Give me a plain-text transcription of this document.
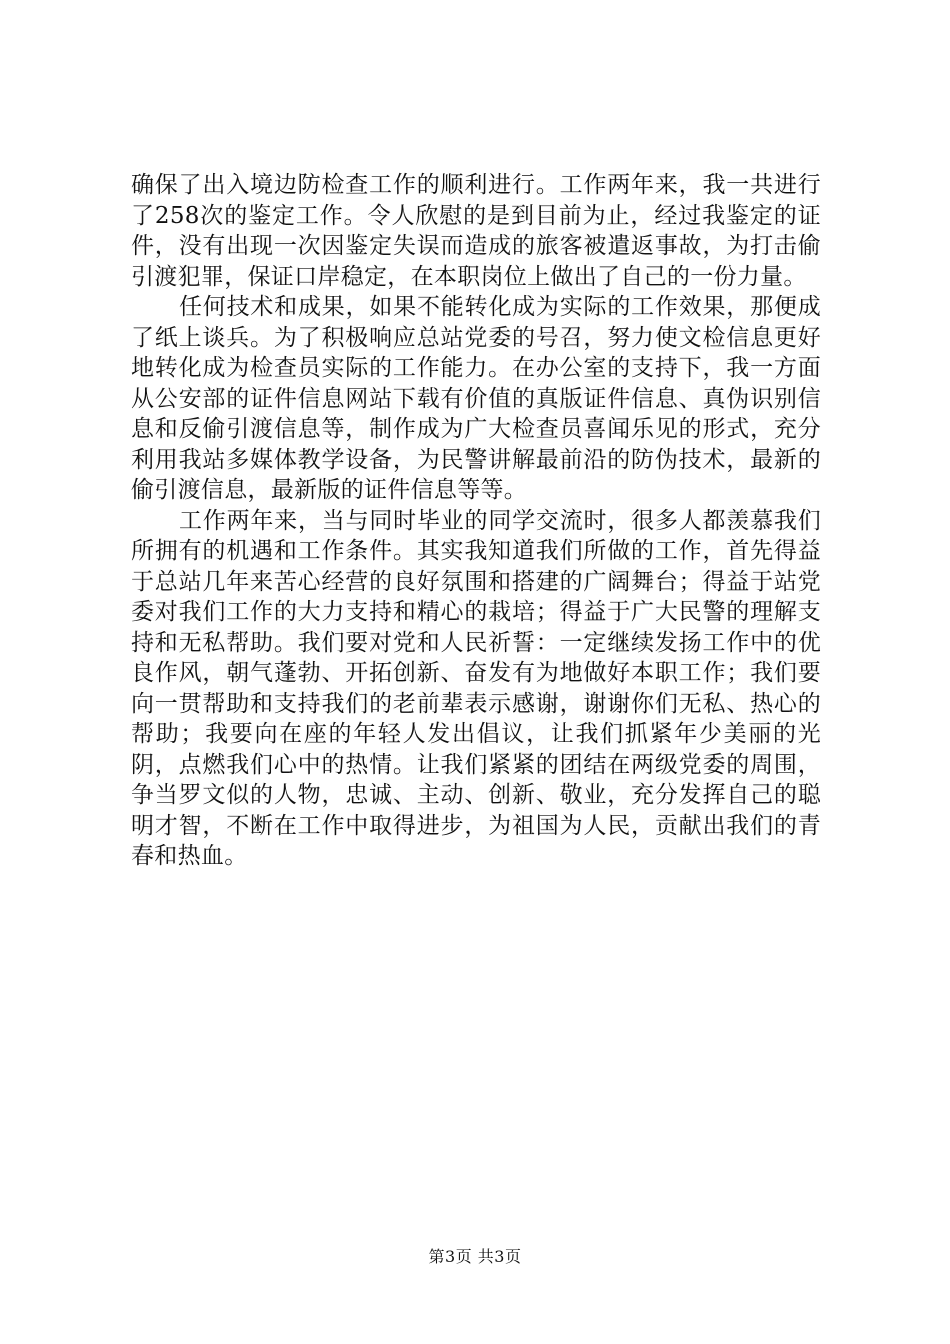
确保了出入境边防检查工作的顺利进行。工作两年来，我一共进行了258次的鉴定工作。令人欣慰的是到目前为止，经过我鉴定的证件，没有出现一次因鉴定失误而造成的旅客被遣返事故，为打击偷引渡犯罪，保证口岸稳定，在本职岗位上做出了自己的一份力量。

任何技术和成果，如果不能转化成为实际的工作效果，那便成了纸上谈兵。为了积极响应总站党委的号召，努力使文检信息更好地转化成为检查员实际的工作能力。在办公室的支持下，我一方面从公安部的证件信息网站下载有价值的真版证件信息、真伪识别信息和反偷引渡信息等，制作成为广大检查员喜闻乐见的形式，充分利用我站多媒体教学设备，为民警讲解最前沿的防伪技术，最新的偷引渡信息，最新版的证件信息等等。

工作两年来，当与同时毕业的同学交流时，很多人都羡慕我们所拥有的机遇和工作条件。其实我知道我们所做的工作，首先得益于总站几年来苦心经营的良好氛围和搭建的广阔舞台；得益于站党委对我们工作的大力支持和精心的栽培；得益于广大民警的理解支持和无私帮助。我们要对党和人民祈誓：一定继续发扬工作中的优良作风，朝气蓬勃、开拓创新、奋发有为地做好本职工作；我们要向一贯帮助和支持我们的老前辈表示感谢，谢谢你们无私、热心的帮助；我要向在座的年轻人发出倡议，让我们抓紧年少美丽的光阴，点燃我们心中的热情。让我们紧紧的团结在两级党委的周围，争当罗文似的人物，忠诚、主动、创新、敬业，充分发挥自己的聪明才智，不断在工作中取得进步，为祖国为人民，贡献出我们的青春和热血。

第3页 共3页
